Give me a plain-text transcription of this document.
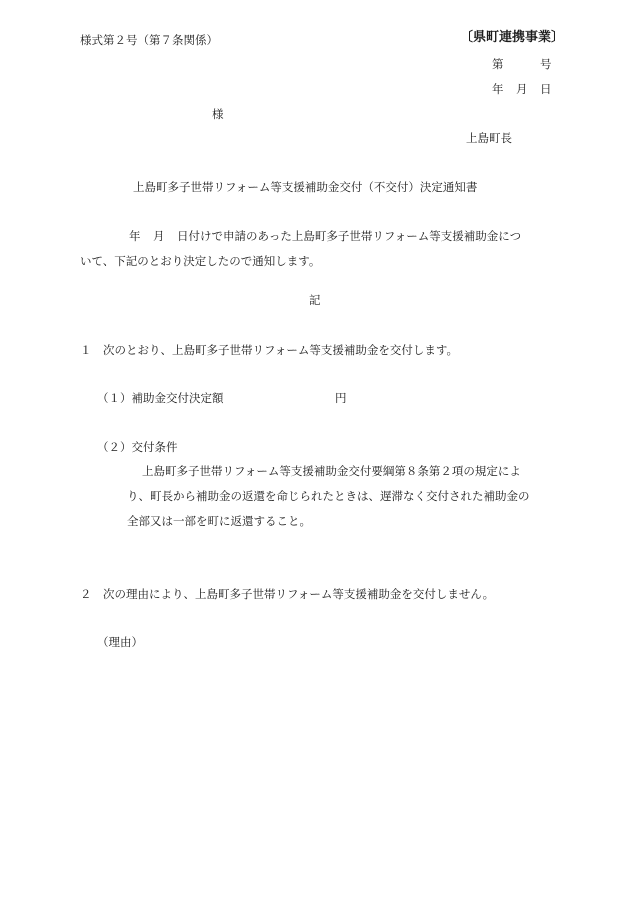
様式第２号（第７条関係）	〔県町連携事業〕
第	号
年 月 日
様
上島町長
上島町多子世帯リフォーム等支援補助金交付（不交付）決定通知書
年 月 日付けで申請のあった上島町多子世帯リフォーム等支援補助金につ
いて、下記のとおり決定したので通知します。
記
１ 次のとおり、上島町多子世帯リフォーム等支援補助金を交付します。
（１）補助金交付決定額	円
（２）交付条件
上島町多子世帯リフォーム等支援補助金交付要綱第８条第２項の規定によ
り、町長から補助金の返還を命じられたときは、遅滞なく交付された補助金の
全部又は一部を町に返還すること。
２ 次の理由により、上島町多子世帯リフォーム等支援補助金を交付しません。
（理由）
